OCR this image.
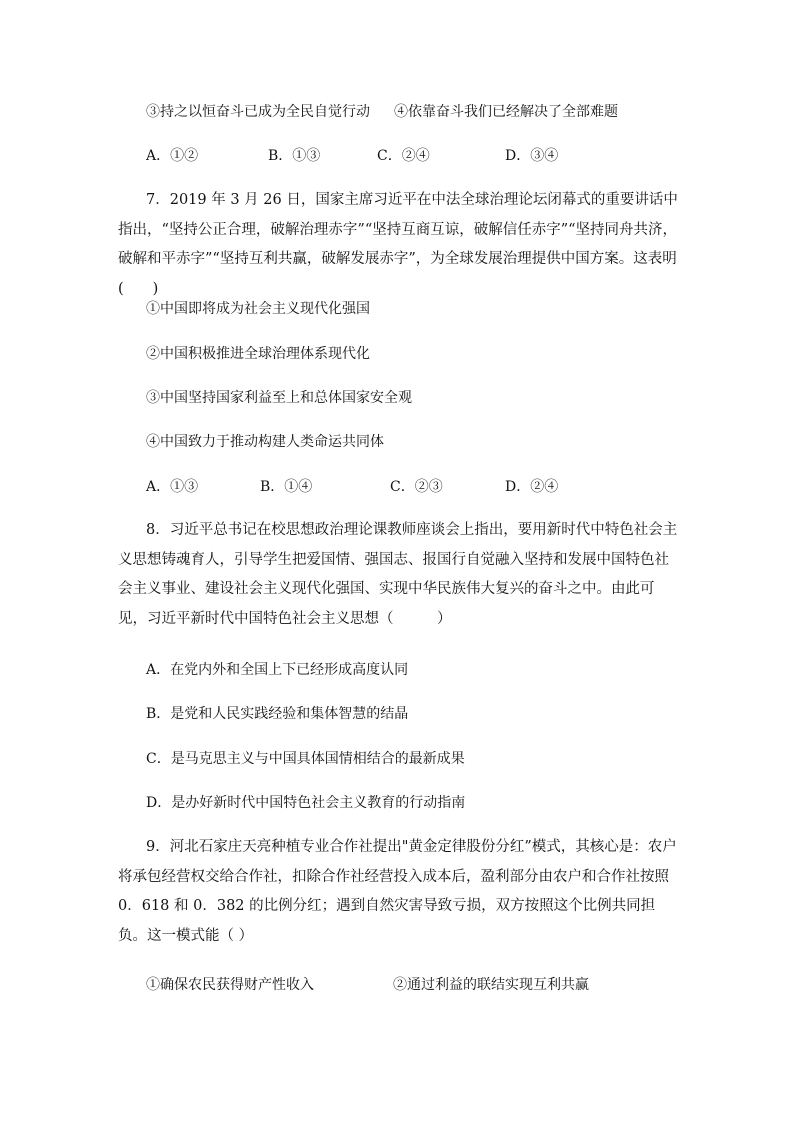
③持之以恒奋斗已成为全民自觉行动 ④依靠奋斗我们已经解决了全部难题
A．①②	B．①③	C．②④	D．③④
7．2019 年 3 月 26 日，国家主席习近平在中法全球治理论坛闭幕式的重要讲话中指出，“坚持公正合理，破解治理赤字”“坚持互商互谅，破解信任赤字”“坚持同舟共济，破解和平赤字”“坚持互利共赢，破解发展赤字”，为全球发展治理提供中国方案。这表明(　　)
①中国即将成为社会主义现代化强国
②中国积极推进全球治理体系现代化
③中国坚持国家利益至上和总体国家安全观
④中国致力于推动构建人类命运共同体
A．①③	B．①④	C．②③	D．②④
8．习近平总书记在校思想政治理论课教师座谈会上指出，要用新时代中特色社会主义思想铸魂育人，引导学生把爱国情、强国志、报国行自觉融入坚持和发展中国特色社会主义事业、建设社会主义现代化强国、实现中华民族伟大复兴的奋斗之中。由此可见，习近平新时代中国特色社会主义思想（　　　）
A．在党内外和全国上下已经形成高度认同
B．是党和人民实践经验和集体智慧的结晶
C．是马克思主义与中国具体国情相结合的最新成果
D．是办好新时代中国特色社会主义教育的行动指南
9．河北石家庄天亮种植专业合作社提出"黄金定律股份分红”模式，其核心是：农户将承包经营权交给合作社，扣除合作社经营投入成本后，盈利部分由农户和合作社按照 0．618 和 0．382 的比例分红；遇到自然灾害导致亏损，双方按照这个比例共同担负。这一模式能（ ）
①确保农民获得财产性收入	②通过利益的联结实现互利共赢
